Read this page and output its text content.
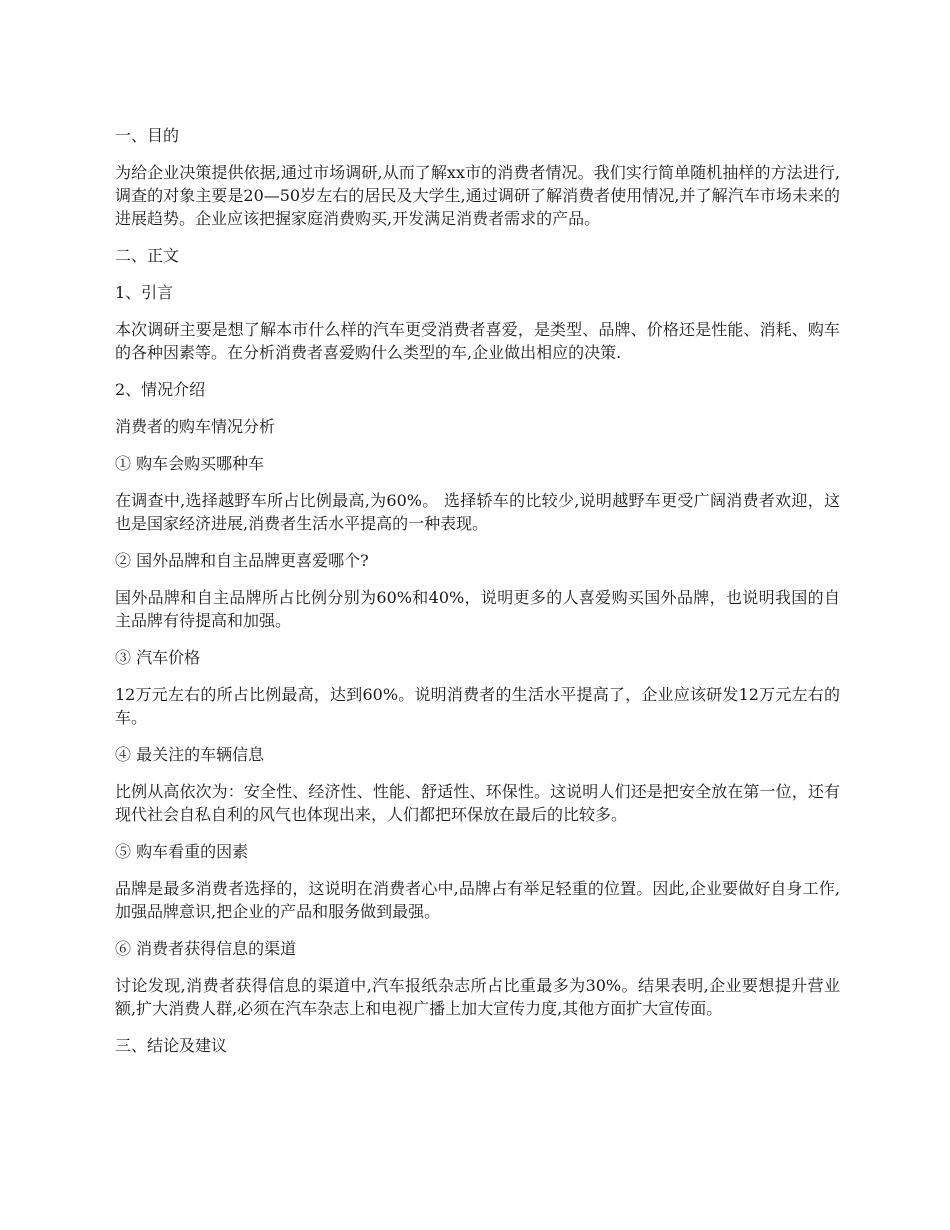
一、目的

为给企业决策提供依据,通过市场调研,从而了解xx市的消费者情况。我们实行简单随机抽样的方法进行,调查的对象主要是20—50岁左右的居民及大学生,通过调研了解消费者使用情况,并了解汽车市场未来的进展趋势。企业应该把握家庭消费购买,开发满足消费者需求的产品。

二、正文

1、引言

本次调研主要是想了解本市什么样的汽车更受消费者喜爱，是类型、品牌、价格还是性能、消耗、购车的各种因素等。在分析消费者喜爱购什么类型的车,企业做出相应的决策.

2、情况介绍

消费者的购车情况分析

① 购车会购买哪种车

在调查中,选择越野车所占比例最高,为60%。 选择轿车的比较少,说明越野车更受广阔消费者欢迎，这也是国家经济进展,消费者生活水平提高的一种表现。

② 国外品牌和自主品牌更喜爱哪个?

国外品牌和自主品牌所占比例分别为60%和40%，说明更多的人喜爱购买国外品牌，也说明我国的自主品牌有待提高和加强。

③ 汽车价格

12万元左右的所占比例最高，达到60%。说明消费者的生活水平提高了，企业应该研发12万元左右的车。

④ 最关注的车辆信息

比例从高依次为：安全性、经济性、性能、舒适性、环保性。这说明人们还是把安全放在第一位，还有现代社会自私自利的风气也体现出来，人们都把环保放在最后的比较多。

⑤ 购车看重的因素

品牌是最多消费者选择的，这说明在消费者心中,品牌占有举足轻重的位置。因此,企业要做好自身工作,加强品牌意识,把企业的产品和服务做到最强。

⑥ 消费者获得信息的渠道

讨论发现,消费者获得信息的渠道中,汽车报纸杂志所占比重最多为30%。结果表明,企业要想提升营业额,扩大消费人群,必须在汽车杂志上和电视广播上加大宣传力度,其他方面扩大宣传面。

三、结论及建议
